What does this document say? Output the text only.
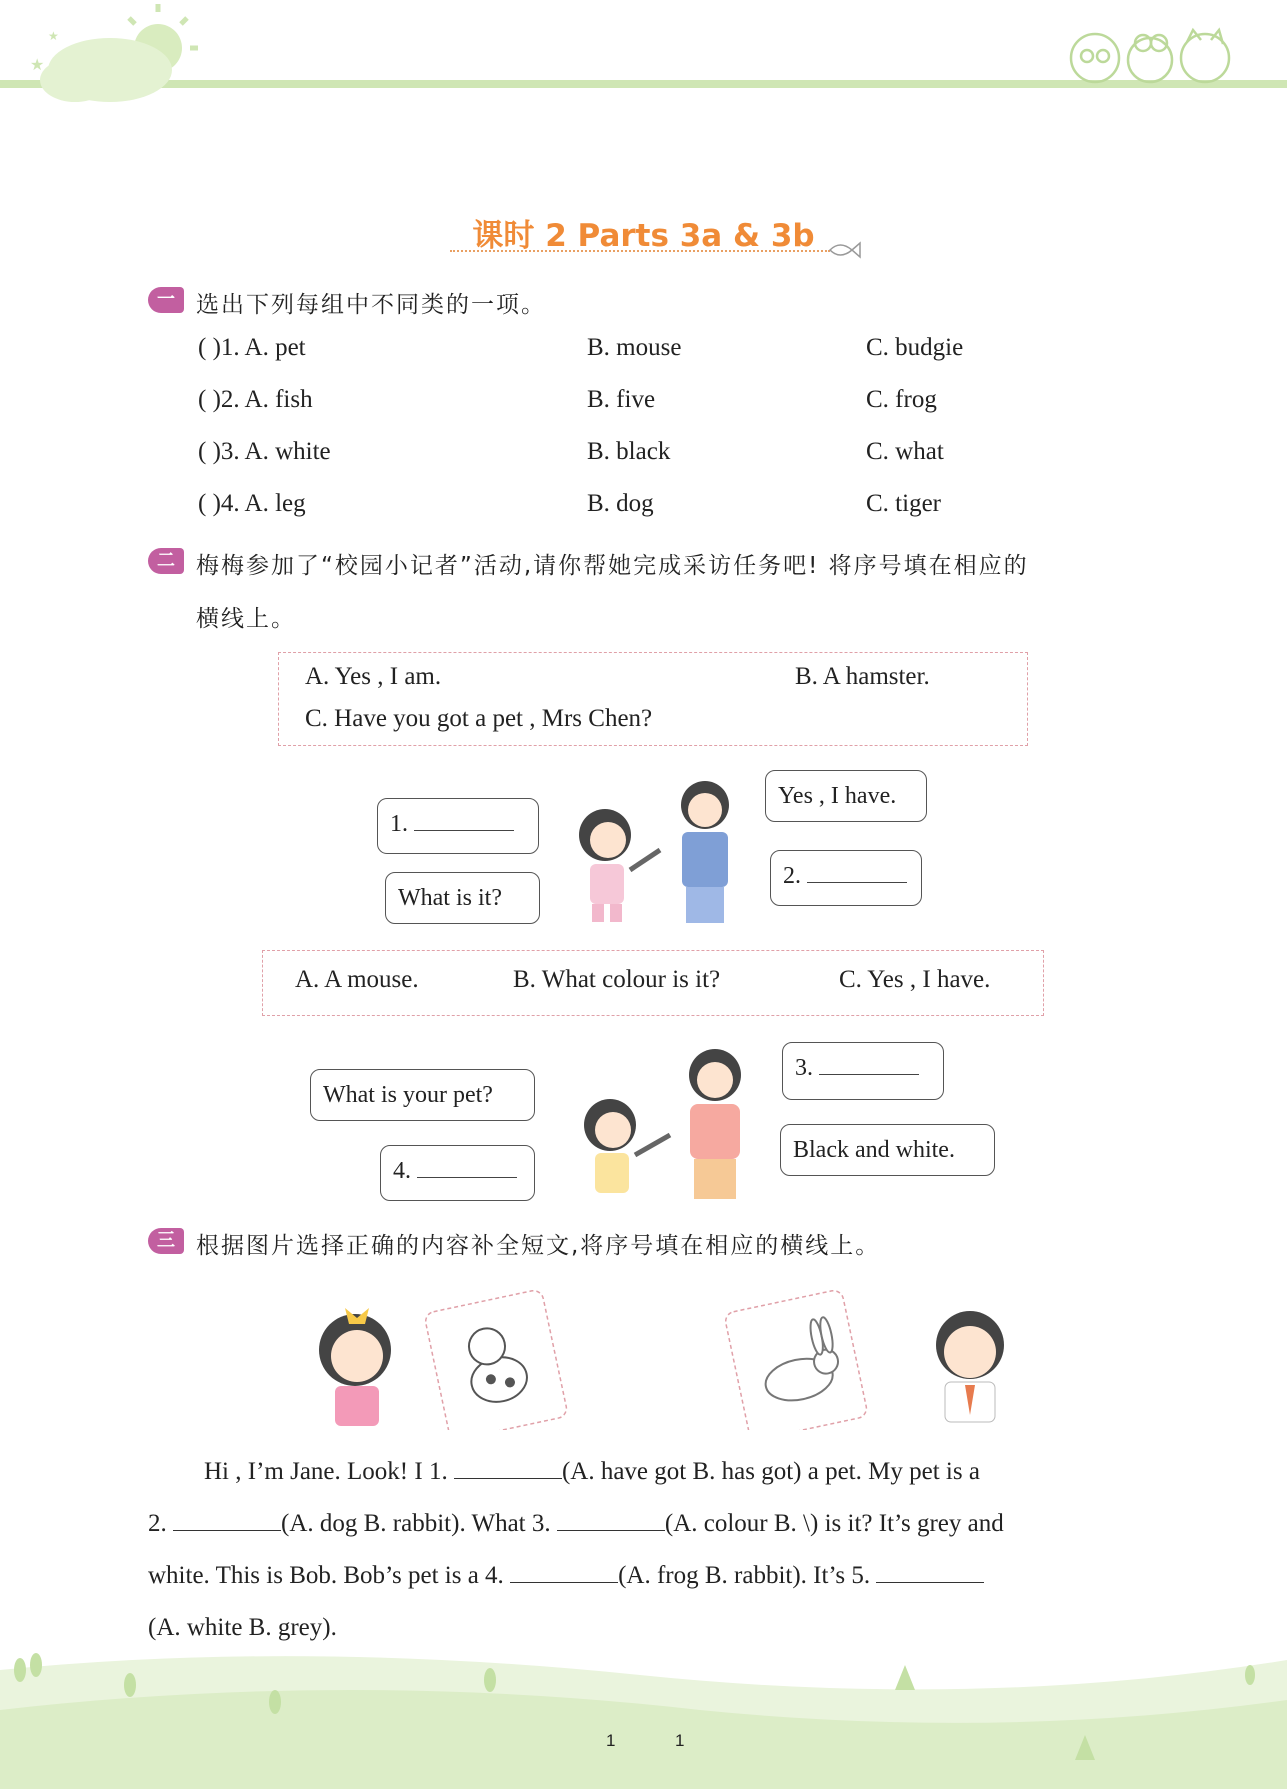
★
★
课时 2 Parts 3a & 3b
一 选出下列每组中不同类的一项。
( )1. A. pet	B. mouse	C. budgie
( )2. A. fish	B. five	C. frog
( )3. A. white	B. black	C. what
( )4. A. leg	B. dog	C. tiger
二 梅梅参加了“校园小记者”活动,请你帮她完成采访任务吧! 将序号填在相应的
横线上。
A. Yes , I am.	B. A hamster.
C. Have you got a pet , Mrs Chen?
1.
What is it?
Yes , I have.
2.
A. A mouse.	B. What colour is it?	C. Yes , I have.
What is your pet?
4.
3.
Black and white.
三 根据图片选择正确的内容补全短文,将序号填在相应的横线上。
Hi , I’m Jane. Look! I 1.	(A. have got B. has got) a pet. My pet is a
2.	(A. dog B. rabbit). What 3.	(A. colour B. \) is it? It’s grey and
white. This is Bob. Bob’s pet is a 4.	(A. frog B. rabbit). It’s 5.
(A. white B. grey).
1	1
